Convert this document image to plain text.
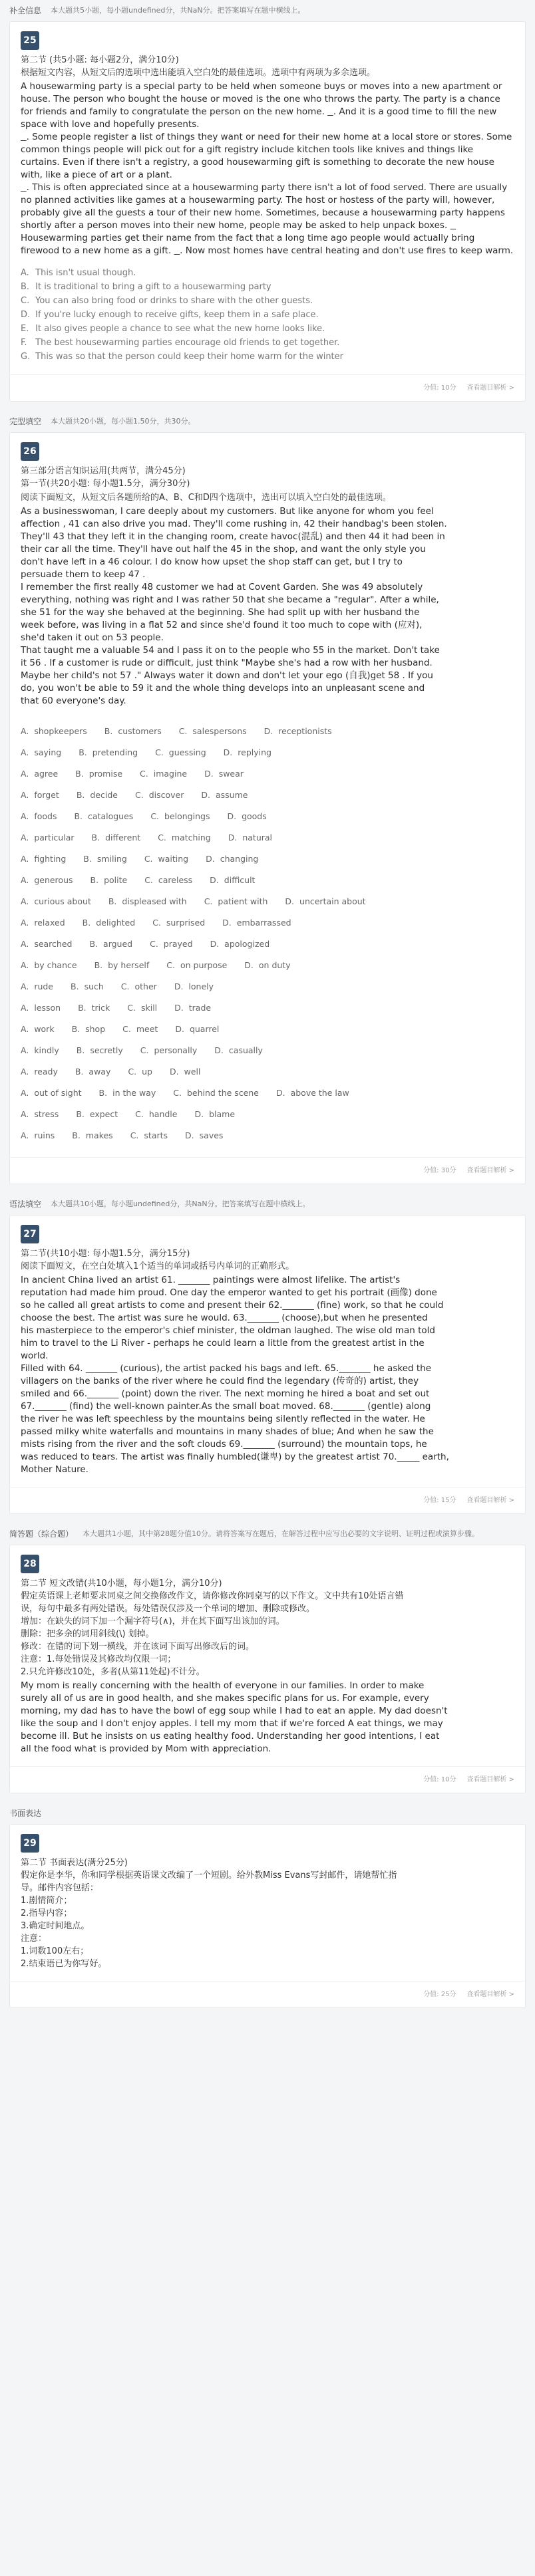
补全信息 本大题共5小题，每小题undefined分，共NaN分。把答案填写在题中横线上。
25
第二节 (共5小题: 每小题2分，满分10分)
根据短文内容，从短文后的选项中选出能填入空白处的最佳选项。选项中有两项为多余选项。

A housewarming party is a special party to be held when someone buys or moves into a new apartment or house. The person who bought the house or moved is the one who throws the party. The party is a chance for friends and family to congratulate the person on the new home. . And it is a good time to fill the new space with love and hopefully presents.

. Some people register a list of things they want or need for their new home at a local store or stores. Some common things people will pick out for a gift registry include kitchen tools like knives and things like curtains. Even if there isn't a registry, a good housewarming gift is something to decorate the new house with, like a piece of art or a plant.

. This is often appreciated since at a housewarming party there isn't a lot of food served. There are usually no planned activities like games at a housewarming party. The host or hostess of the party will, however, probably give all the guests a tour of their new home. Sometimes, because a housewarming party happens shortly after a person moves into their new home, people may be asked to help unpack boxes.

Housewarming parties get their name from the fact that a long time ago people would actually bring firewood to a new home as a gift. . Now most homes have central heating and don't use fires to keep warm.

A. This isn't usual though.
B. It is traditional to bring a gift to a housewarming party
C. You can also bring food or drinks to share with the other guests.
D. If you're lucky enough to receive gifts, keep them in a safe place.
E. It also gives people a chance to see what the new home looks like.
F. The best housewarming parties encourage old friends to get together.
G. This was so that the person could keep their home warm for the winter
分值: 10分 查看题目解析 >
完型填空 本大题共20小题，每小题1.50分，共30分。
26
第三部分语言知识运用(共两节，满分45分)
第一节(共20小题: 每小题1.5分，满分30分)
阅读下面短文，从短文后各题所给的A、B、C和D四个选项中，选出可以填入空白处的最佳选项。
As a businesswoman, I care deeply about my customers. But like anyone for whom you feel
affection , 41 can also drive you mad. They'll come rushing in, 42 their handbag's been stolen.
They'll 43 that they left it in the changing room, create havoc(混乱) and then 44 it had been in
their car all the time. They'll have out half the 45 in the shop, and want the only style you
don't have left in a 46 colour. I do know how upset the shop staff can get, but I try to
persuade them to keep 47 .
I remember the first really 48 customer we had at Covent Garden. She was 49 absolutely
everything, nothing was right and I was rather 50 that she became a "regular". After a while,
she 51 for the way she behaved at the beginning. She had split up with her husband the
week before, was living in a flat 52 and since she'd found it too much to cope with (应对),
she'd taken it out on 53 people.
That taught me a valuable 54 and I pass it on to the people who 55 in the market. Don't take
it 56 . If a customer is rude or difficult, just think "Maybe she's had a row with her husband.
Maybe her child's not 57 ." Always water it down and don't let your ego (自我)get 58 . If you
do, you won't be able to 59 it and the whole thing develops into an unpleasant scene and
that 60 everyone's day.
A. shopkeepers B. customers C. salespersons D. receptionists
A. saying B. pretending C. guessing D. replying
A. agree B. promise C. imagine D. swear
A. forget B. decide C. discover D. assume
A. foods B. catalogues C. belongings D. goods
A. particular B. different C. matching D. natural
A. fighting B. smiling C. waiting D. changing
A. generous B. polite C. careless D. difficult
A. curious about B. displeased with C. patient with D. uncertain about
A. relaxed B. delighted C. surprised D. embarrassed
A. searched B. argued C. prayed D. apologized
A. by chance B. by herself C. on purpose D. on duty
A. rude B. such C. other D. lonely
A. lesson B. trick C. skill D. trade
A. work B. shop C. meet D. quarrel
A. kindly B. secretly C. personally D. casually
A. ready B. away C. up D. well
A. out of sight B. in the way C. behind the scene D. above the law
A. stress B. expect C. handle D. blame
A. ruins B. makes C. starts D. saves
分值: 30分 查看题目解析 >
语法填空 本大题共10小题，每小题undefined分，共NaN分。把答案填写在题中横线上。
27
第二节(共10小题: 每小题1.5分，满分15分)
阅读下面短文，在空白处填入1个适当的单词或括号内单词的正确形式。
In ancient China lived an artist 61. _______ paintings were almost lifelike. The artist's
reputation had made him proud. One day the emperor wanted to get his portrait (画像) done
so he called all great artists to come and present their 62._______ (fine) work, so that he could
choose the best. The artist was sure he would. 63._______ (choose),but when he presented
his masterpiece to the emperor's chief minister, the oldman laughed. The wise old man told
him to travel to the Li River - perhaps he could learn a little from the greatest artist in the
world.
Filled with 64. _______ (curious), the artist packed his bags and left. 65._______ he asked the
villagers on the banks of the river where he could find the legendary (传奇的) artist, they
smiled and 66._______ (point) down the river. The next morning he hired a boat and set out
67._______ (find) the well-known painter.As the small boat moved. 68._______ (gentle) along
the river he was left speechless by the mountains being silently reflected in the water. He
passed milky white waterfalls and mountains in many shades of blue; And when he saw the
mists rising from the river and the soft clouds 69._______ (surround) the mountain tops, he
was reduced to tears. The artist was finally humbled(谦卑) by the greatest artist 70._____ earth,
Mother Nature.
分值: 15分 查看题目解析 >
简答题（综合题） 本大题共1小题，其中第28题分值10分。请将答案写在题后，在解答过程中应写出必要的文字说明、证明过程或演算步骤。
28
第二节 短文改错(共10小题，每小题1分，满分10分)
假定英语课上老师要求同桌之间交换修改作文，请你修改你同桌写的以下作文。文中共有10处语言错
误，每句中最多有两处错误。每处错误仅涉及一个单词的增加、删除或修改。
增加：在缺失的词下加一个漏字符号(∧)，并在其下面写出该加的词。
删除：把多余的词用斜线(\) 划掉。
修改：在错的词下划一横线，并在该词下面写出修改后的词。
注意：1.每处错误及其修改均仅限一词；
2.只允许修改10处，多者(从第11处起)不计分。
My mom is really concerning with the health of everyone in our families. In order to make
surely all of us are in good health, and she makes specific plans for us. For example, every
morning, my dad has to have the bowl of egg soup while I had to eat an apple. My dad doesn't
like the soup and I don't enjoy apples. I tell my mom that if we're forced A eat things, we may
become ill. But he insists on us eating healthy food. Understanding her good intentions, I eat
all the food what is provided by Mom with appreciation.
分值: 10分 查看题目解析 >
书面表达
29
第二节 书面表达(满分25分)
假定你是李华，你和同学根据英语课文改编了一个短剧。给外教Miss Evans写封邮件，请她帮忙指
导。邮件内容包括：
1.剧情简介；
2.指导内容；
3.确定时间地点。
注意：
1.词数100左右；
2.结束语已为你写好。
分值: 25分 查看题目解析 >
